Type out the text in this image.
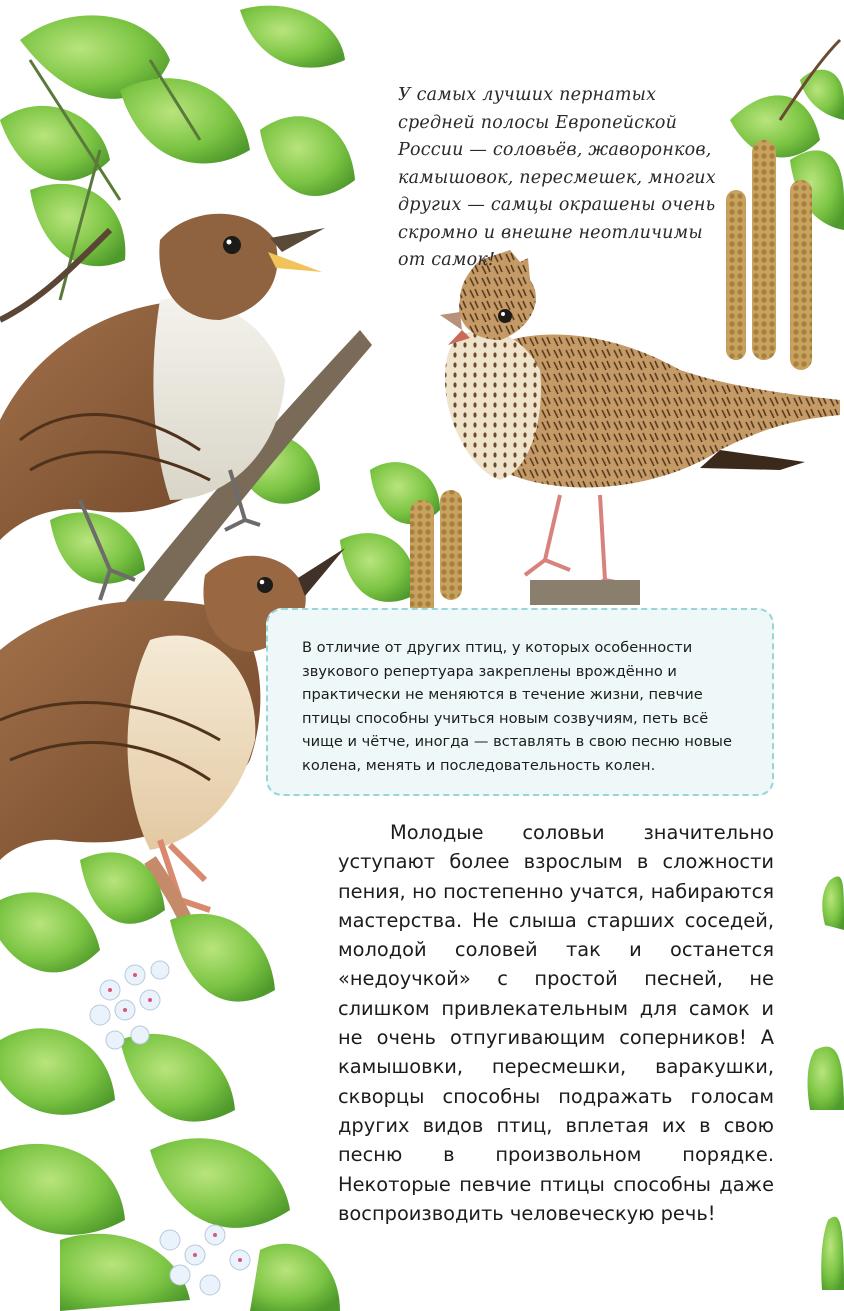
У самых лучших пернатых средней полосы Европейской России — соловьёв, жаворонков, камышовок, пересмешек, многих других — самцы окрашены очень скромно и внешне неотличимы от самок!

В отличие от других птиц, у которых особенности звукового репертуара закреплены врождённо и практически не меняются в течение жизни, певчие птицы способны учиться новым созвучиям, петь всё чище и чётче, иногда — вставлять в свою песню новые колена, менять и последовательность колен.

Молодые соловьи значительно уступают более взрослым в сложности пения, но постепенно учатся, набираются мастерства. Не слыша старших соседей, молодой соловей так и останется «недоучкой» с простой песней, не слишком привлекательным для самок и не очень отпугивающим соперников! А камышовки, пересмешки, варакушки, скворцы способны подражать голосам других видов птиц, вплетая их в свою песню в произвольном порядке. Некоторые певчие птицы способны даже воспроизводить человеческую речь!
